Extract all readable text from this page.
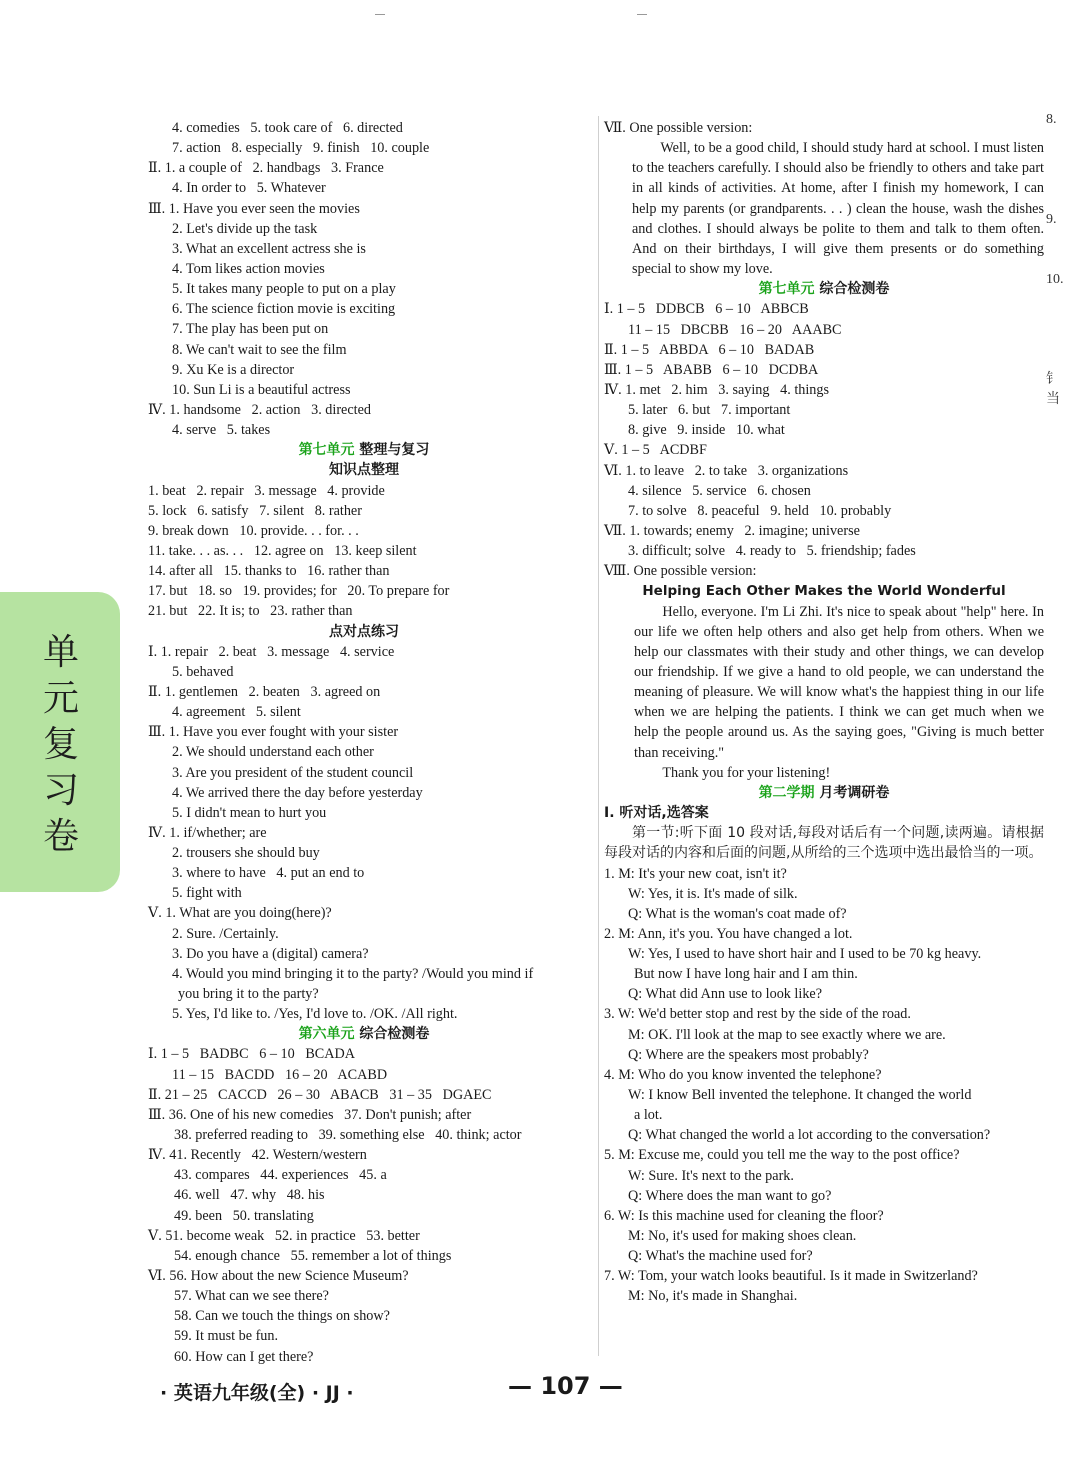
单
元
复
习
卷
4. comedies   5. took care of   6. directed
7. action   8. especially   9. finish   10. couple
Ⅱ. 1. a couple of   2. handbags   3. France
4. In order to   5. Whatever
Ⅲ. 1. Have you ever seen the movies
2. Let's divide up the task
3. What an excellent actress she is
4. Tom likes action movies
5. It takes many people to put on a play
6. The science fiction movie is exciting
7. The play has been put on
8. We can't wait to see the film
9. Xu Ke is a director
10. Sun Li is a beautiful actress
Ⅳ. 1. handsome   2. action   3. directed
4. serve   5. takes
第七单元 整理与复习
知识点整理
1. beat   2. repair   3. message   4. provide
5. lock   6. satisfy   7. silent   8. rather
9. break down   10. provide. . . for. . .
11. take. . . as. . .   12. agree on   13. keep silent
14. after all   15. thanks to   16. rather than
17. but   18. so   19. provides; for   20. To prepare for
21. but   22. It is; to   23. rather than
点对点练习
Ⅰ. 1. repair   2. beat   3. message   4. service
5. behaved
Ⅱ. 1. gentlemen   2. beaten   3. agreed on
4. agreement   5. silent
Ⅲ. 1. Have you ever fought with your sister
2. We should understand each other
3. Are you president of the student council
4. We arrived there the day before yesterday
5. I didn't mean to hurt you
Ⅳ. 1. if/whether; are
2. trousers she should buy
3. where to have   4. put an end to
5. fight with
Ⅴ. 1. What are you doing(here)?
2. Sure. /Certainly.
3. Do you have a (digital) camera?
4. Would you mind bringing it to the party? /Would you mind if
you bring it to the party?
5. Yes, I'd like to. /Yes, I'd love to. /OK. /All right.
第六单元 综合检测卷
Ⅰ. 1 – 5   BADBC   6 – 10   BCADA
11 – 15   BACDD   16 – 20   ACABD
Ⅱ. 21 – 25   CACCD   26 – 30   ABACB   31 – 35   DGAEC
Ⅲ. 36. One of his new comedies   37. Don't punish; after
38. preferred reading to   39. something else   40. think; actor
Ⅳ. 41. Recently   42. Western/western
43. compares   44. experiences   45. a
46. well   47. why   48. his
49. been   50. translating
Ⅴ. 51. become weak   52. in practice   53. better
54. enough chance   55. remember a lot of things
Ⅵ. 56. How about the new Science Museum?
57. What can we see there?
58. Can we touch the things on show?
59. It must be fun.
60. How can I get there?
Ⅶ. One possible version:
Well, to be a good child, I should study hard at school. I must listen to the teachers carefully. I should also be friendly to others and take part in all kinds of activities. At home, after I finish my homework, I can help my parents (or grandparents. . . ) clean the house, wash the dishes and clothes. I should always be polite to them and talk to them often. And on their birthdays, I will give them presents or do something special to show my love.
第七单元 综合检测卷
Ⅰ. 1 – 5   DDBCB   6 – 10   ABBCB
11 – 15   DBCBB   16 – 20   AAABC
Ⅱ. 1 – 5   ABBDA   6 – 10   BADAB
Ⅲ. 1 – 5   ABABB   6 – 10   DCDBA
Ⅳ. 1. met   2. him   3. saying   4. things
5. later   6. but   7. important
8. give   9. inside   10. what
Ⅴ. 1 – 5   ACDBF
Ⅵ. 1. to leave   2. to take   3. organizations
4. silence   5. service   6. chosen
7. to solve   8. peaceful   9. held   10. probably
Ⅶ. 1. towards; enemy   2. imagine; universe
3. difficult; solve   4. ready to   5. friendship; fades
Ⅷ. One possible version:
Helping Each Other Makes the World Wonderful
Hello, everyone. I'm Li Zhi. It's nice to speak about "help" here. In our life we often help others and also get help from others. When we help our classmates with their study and other things, we can develop our friendship. If we give a hand to old people, we can understand the meaning of pleasure. We will know what's the happiest thing in our life when we are helping the patients. I think we can get much when we help the people around us. As the saying goes, "Giving is much better than receiving."
Thank you for your listening!
第二学期 月考调研卷
Ⅰ. 听对话,选答案
第一节:听下面 10 段对话,每段对话后有一个问题,读两遍。请根据每段对话的内容和后面的问题,从所给的三个选项中选出最恰当的一项。
1. M: It's your new coat, isn't it?
W: Yes, it is. It's made of silk.
Q: What is the woman's coat made of?
2. M: Ann, it's you. You have changed a lot.
W: Yes, I used to have short hair and I used to be 70 kg heavy.
But now I have long hair and I am thin.
Q: What did Ann use to look like?
3. W: We'd better stop and rest by the side of the road.
M: OK. I'll look at the map to see exactly where we are.
Q: Where are the speakers most probably?
4. M: Who do you know invented the telephone?
W: I know Bell invented the telephone. It changed the world
a lot.
Q: What changed the world a lot according to the conversation?
5. M: Excuse me, could you tell me the way to the post office?
W: Sure. It's next to the park.
Q: Where does the man want to go?
6. W: Is this machine used for cleaning the floor?
M: No, it's used for making shoes clean.
Q: What's the machine used for?
7. W: Tom, your watch looks beautiful. Is it made in Switzerland?
M: No, it's made in Shanghai.
8.
9.
10.
钅
当
· 英语九年级(全) · JJ ·	— 107 —
